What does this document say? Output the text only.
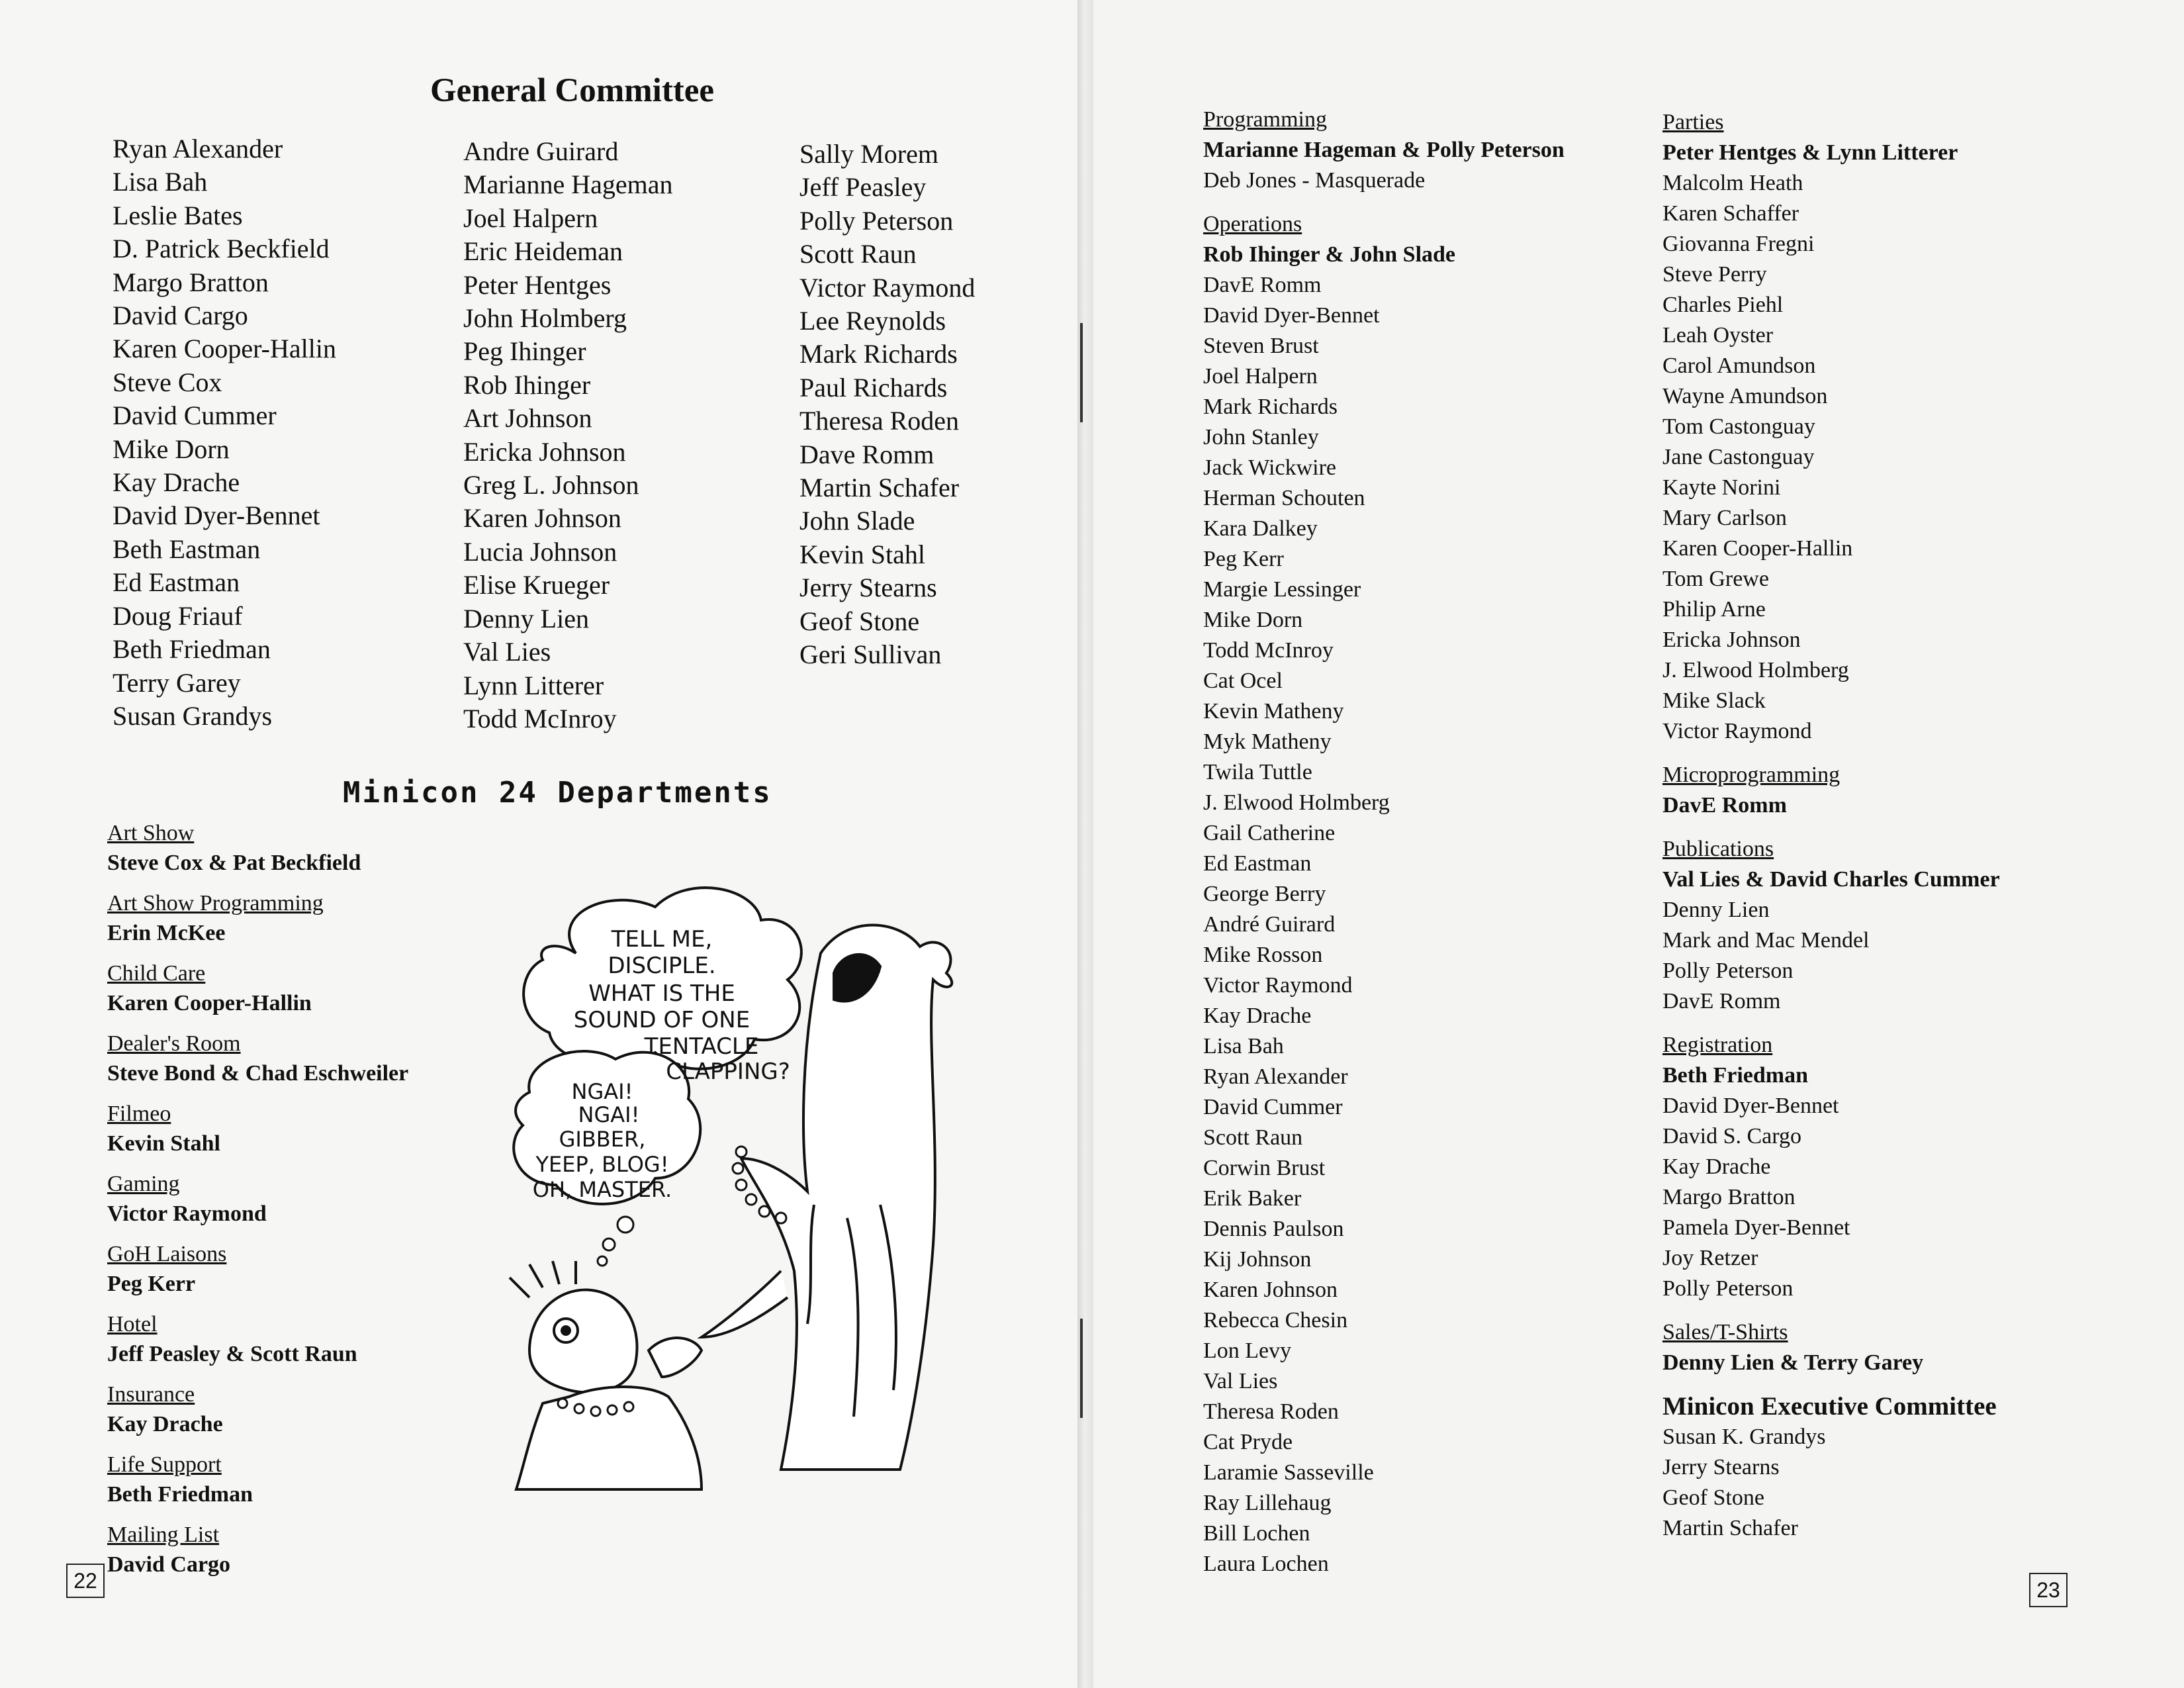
General Committee
Ryan Alexander
Lisa Bah
Leslie Bates
D. Patrick Beckfield
Margo Bratton
David Cargo
Karen Cooper-Hallin
Steve Cox
David Cummer
Mike Dorn
Kay Drache
David Dyer-Bennet
Beth Eastman
Ed Eastman
Doug Friauf
Beth Friedman
Terry Garey
Susan Grandys
Andre Guirard
Marianne Hageman
Joel Halpern
Eric Heideman
Peter Hentges
John Holmberg
Peg Ihinger
Rob Ihinger
Art Johnson
Ericka Johnson
Greg L. Johnson
Karen Johnson
Lucia Johnson
Elise Krueger
Denny Lien
Val Lies
Lynn Litterer
Todd McInroy
Sally Morem
Jeff Peasley
Polly Peterson
Scott Raun
Victor Raymond
Lee Reynolds
Mark Richards
Paul Richards
Theresa Roden
Dave Romm
Martin Schafer
John Slade
Kevin Stahl
Jerry Stearns
Geof Stone
Geri Sullivan
Minicon 24 Departments
Art Show
Steve Cox & Pat Beckfield
Art Show Programming
Erin McKee
Child Care
Karen Cooper-Hallin
Dealer's Room
Steve Bond & Chad Eschweiler
Filmeo
Kevin Stahl
Gaming
Victor Raymond
GoH Laisons
Peg Kerr
Hotel
Jeff Peasley & Scott Raun
Insurance
Kay Drache
Life Support
Beth Friedman
Mailing List
David Cargo
TELL ME,
DISCIPLE.
WHAT IS THE
SOUND OF ONE
TENTACLE
CLAPPING?
NGAI!
NGAI!
GIBBER,
YEEP, BLOG!
OH, MASTER.
22
Programming
Marianne Hageman & Polly Peterson
Deb Jones - Masquerade
Operations
Rob Ihinger & John Slade
DavE Romm
David Dyer-Bennet
Steven Brust
Joel Halpern
Mark Richards
John Stanley
Jack Wickwire
Herman Schouten
Kara Dalkey
Peg Kerr
Margie Lessinger
Mike Dorn
Todd McInroy
Cat Ocel
Kevin Matheny
Myk Matheny
Twila Tuttle
J. Elwood Holmberg
Gail Catherine
Ed Eastman
George Berry
André Guirard
Mike Rosson
Victor Raymond
Kay Drache
Lisa Bah
Ryan Alexander
David Cummer
Scott Raun
Corwin Brust
Erik Baker
Dennis Paulson
Kij Johnson
Karen Johnson
Rebecca Chesin
Lon Levy
Val Lies
Theresa Roden
Cat Pryde
Laramie Sasseville
Ray Lillehaug
Bill Lochen
Laura Lochen
Parties
Peter Hentges & Lynn Litterer
Malcolm Heath
Karen Schaffer
Giovanna Fregni
Steve Perry
Charles Piehl
Leah Oyster
Carol Amundson
Wayne Amundson
Tom Castonguay
Jane Castonguay
Kayte Norini
Mary Carlson
Karen Cooper-Hallin
Tom Grewe
Philip Arne
Ericka Johnson
J. Elwood Holmberg
Mike Slack
Victor Raymond
Microprogramming
DavE Romm
Publications
Val Lies & David Charles Cummer
Denny Lien
Mark and Mac Mendel
Polly Peterson
DavE Romm
Registration
Beth Friedman
David Dyer-Bennet
David S. Cargo
Kay Drache
Margo Bratton
Pamela Dyer-Bennet
Joy Retzer
Polly Peterson
Sales/T-Shirts
Denny Lien & Terry Garey
Minicon Executive Committee
Susan K. Grandys
Jerry Stearns
Geof Stone
Martin Schafer
23
